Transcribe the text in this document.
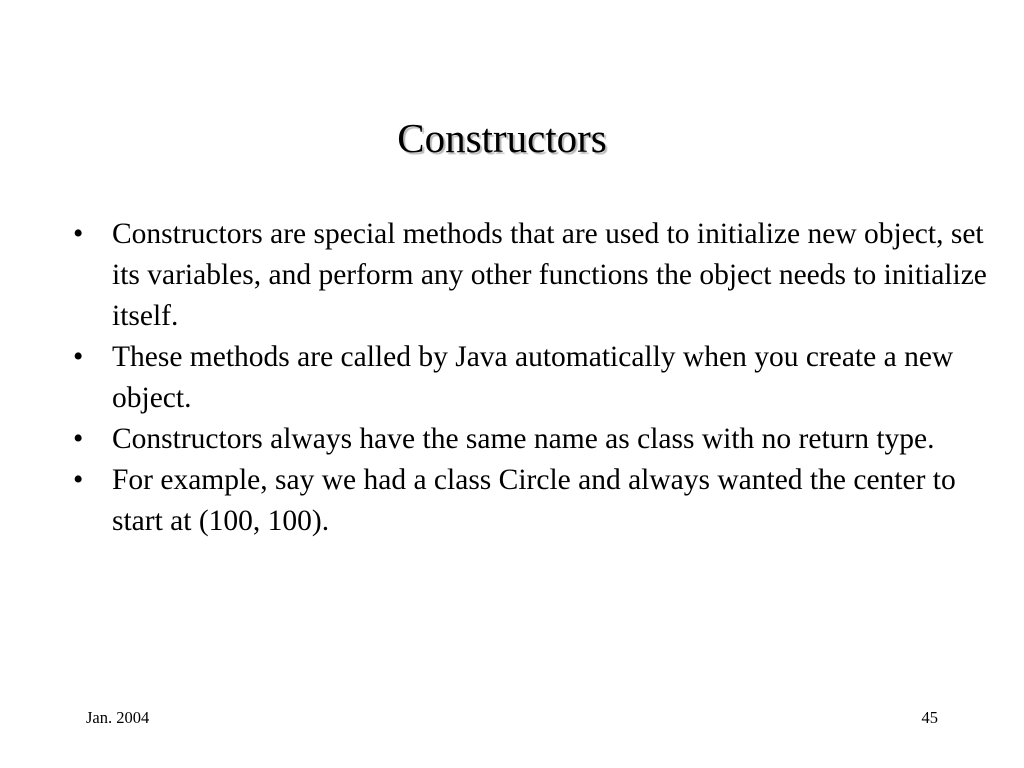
Constructors
• Constructors are special methods that are used to initialize new object, set its variables, and perform any other functions the object needs to initialize itself.
• These methods are called by Java automatically when you create a new object.
• Constructors always have the same name as class with no return type.
• For example, say we had a class Circle and always wanted the center to start at (100, 100).
Jan. 2004	45
